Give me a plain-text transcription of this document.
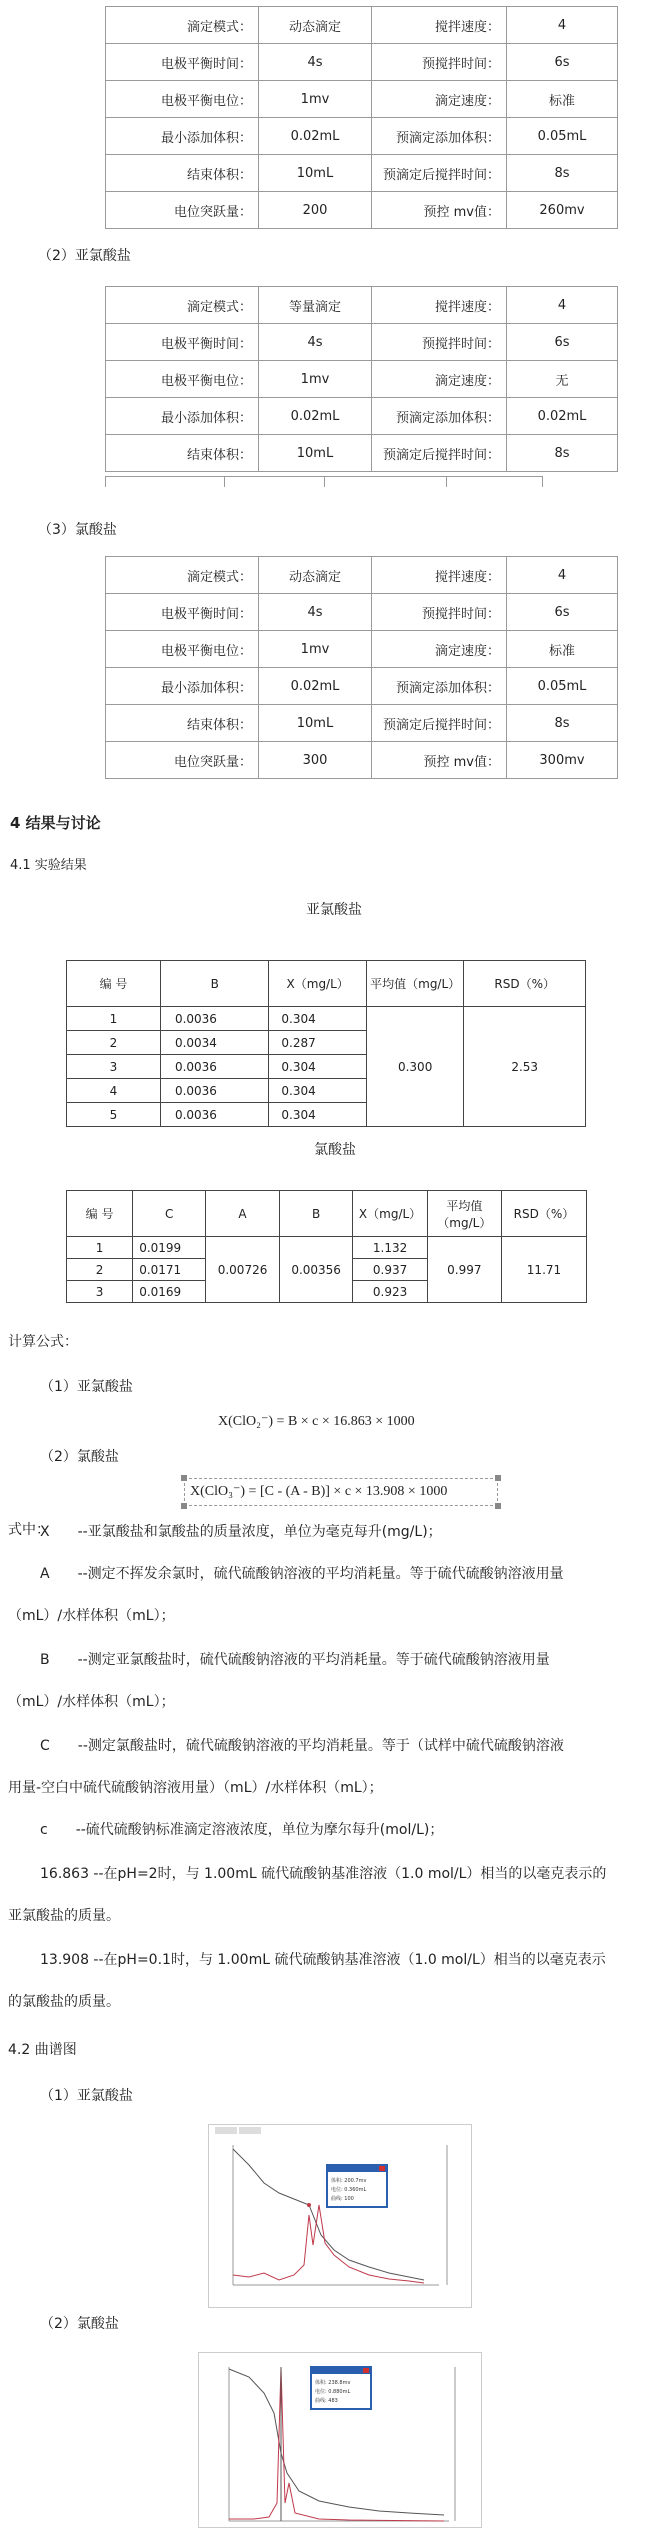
滴定模式：	动态滴定	搅拌速度：	4
电极平衡时间：	4s	预搅拌时间：	6s
电极平衡电位：	1mv	滴定速度：	标准
最小添加体积：	0.02mL	预滴定添加体积：	0.05mL
结束体积：	10mL	预滴定后搅拌时间：	8s
电位突跃量：	200	预控 mv值：	260mv
（2）亚氯酸盐
滴定模式：	等量滴定	搅拌速度：	4
电极平衡时间：	4s	预搅拌时间：	6s
电极平衡电位：	1mv	滴定速度：	无
最小添加体积：	0.02mL	预滴定添加体积：	0.02mL
结束体积：	10mL	预滴定后搅拌时间：	8s
（3）氯酸盐
滴定模式：	动态滴定	搅拌速度：	4
电极平衡时间：	4s	预搅拌时间：	6s
电极平衡电位：	1mv	滴定速度：	标准
最小添加体积：	0.02mL	预滴定添加体积：	0.05mL
结束体积：	10mL	预滴定后搅拌时间：	8s
电位突跃量：	300	预控 mv值：	300mv
4 结果与讨论
4.1 实验结果
亚氯酸盐
编 号	B	X（mg/L）	平均值（mg/L）	RSD（%）
1	0.0036	0.304	0.300	2.53
2	0.0034	0.287		
3	0.0036	0.304		
4	0.0036	0.304		
5	0.0036	0.304		
氯酸盐
编 号	C	A	B	X（mg/L）	平均值（mg/L）	RSD（%）
1	0.0199	0.00726	0.00356	1.132	0.997	11.71
2	0.0171			0.937		
3	0.0169			0.923		
计算公式：
（1）亚氯酸盐
X(ClO₂⁻) = B × c × 16.863 × 1000
（2）氯酸盐
X(ClO₃⁻) = [C - (A - B)] × c × 13.908 × 1000
式中：
X　　--亚氯酸盐和氯酸盐的质量浓度，单位为毫克每升(mg/L)；
A　　--测定不挥发余氯时，硫代硫酸钠溶液的平均消耗量。等于硫代硫酸钠溶液用量
（mL）/水样体积（mL）；
B　　--测定亚氯酸盐时，硫代硫酸钠溶液的平均消耗量。等于硫代硫酸钠溶液用量
（mL）/水样体积（mL）；
C　　--测定氯酸盐时，硫代硫酸钠溶液的平均消耗量。等于（试样中硫代硫酸钠溶液
用量-空白中硫代硫酸钠溶液用量）（mL）/水样体积（mL）；
c　　--硫代硫酸钠标准滴定溶液浓度，单位为摩尔每升(mol/L)；
16.863 --在pH=2时，与 1.00mL 硫代硫酸钠基准溶液（1.0 mol/L）相当的以毫克表示的
亚氯酸盐的质量。
13.908 --在pH=0.1时，与 1.00mL 硫代硫酸钠基准溶液（1.0 mol/L）相当的以毫克表示
的氯酸盐的质量。
4.2 曲谱图
（1）亚氯酸盐
体积: 200.7mv
电位: 0.360mL
曲线: 100
（2）氯酸盐
体积: 238.8mv
电位: 0.880mL
曲线: 483
